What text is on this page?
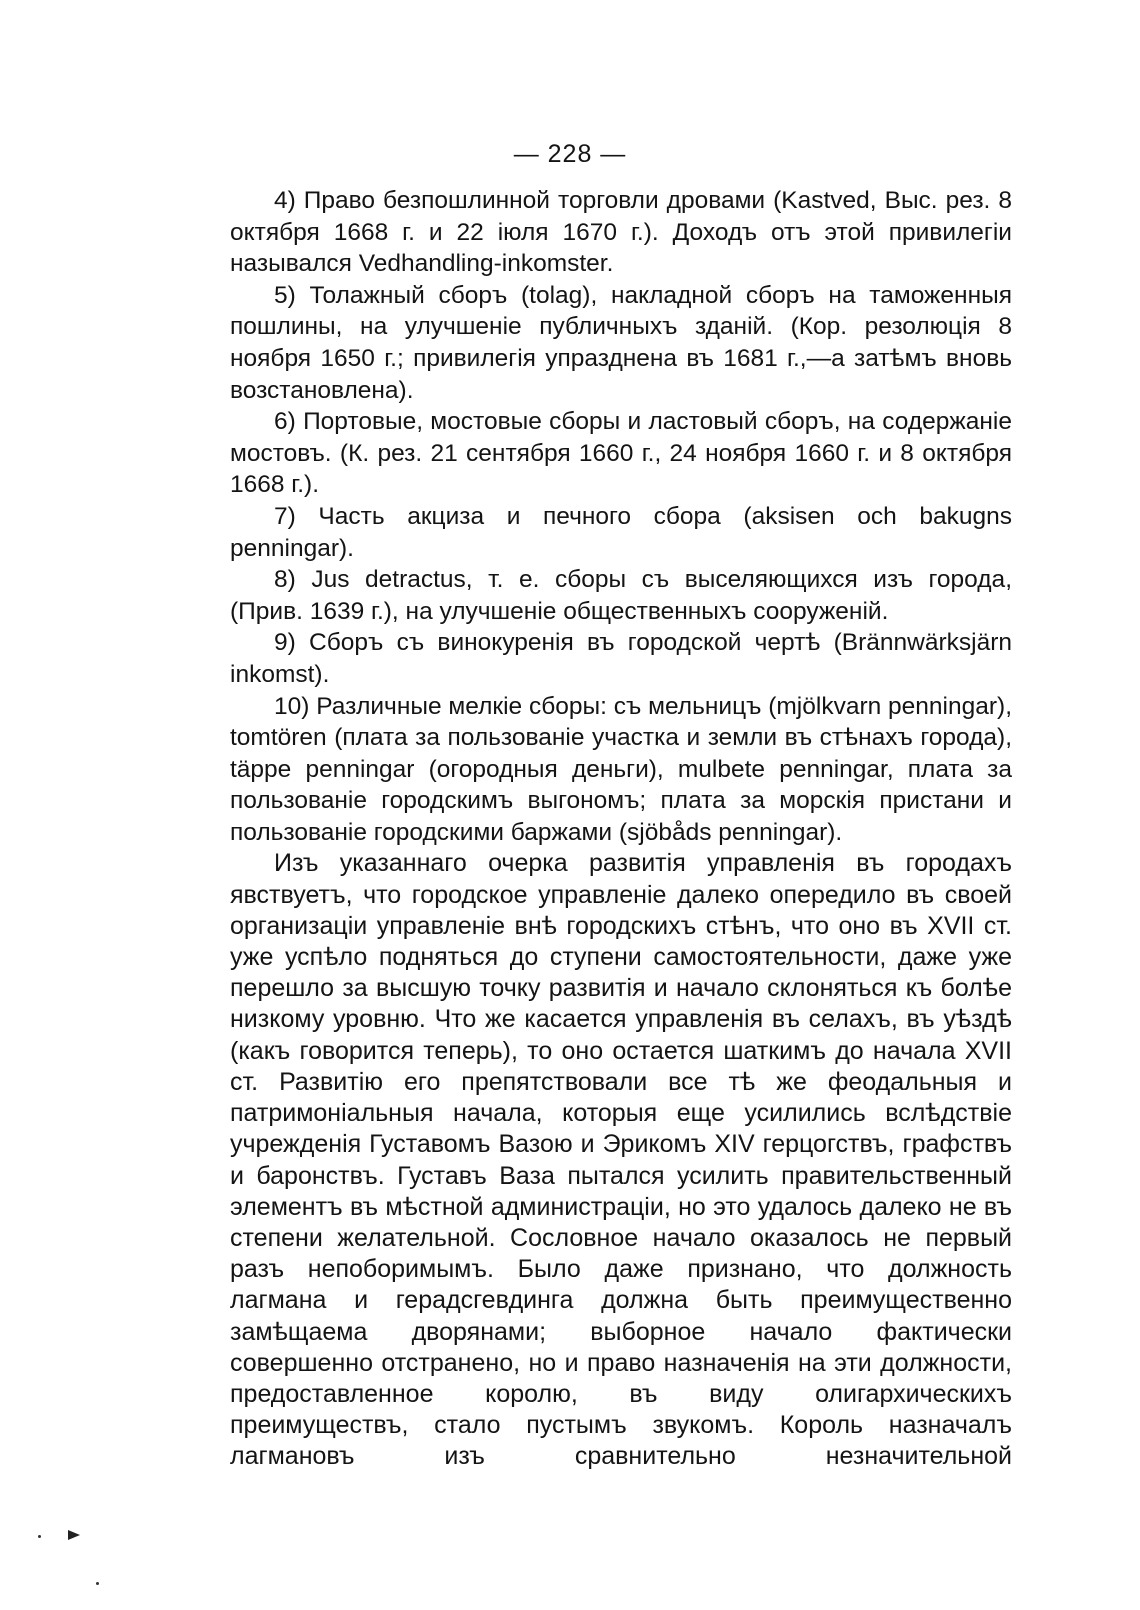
— 228 —

4) Право безпошлинной торговли дровами (Kastved, Выс. рез. 8 октября 1668 г. и 22 іюля 1670 г.). Доходъ отъ этой привилегіи назывался Vedhandling-inkomster.

5) Толажный сборъ (tolag), накладной сборъ на таможенныя пошлины, на улучшеніе публичныхъ зданій. (Кор. резолюція 8 ноября 1650 г.; привилегія упразднена въ 1681 г.,—а затѣмъ вновь возстановлена).

6) Портовые, мостовые сборы и ластовый сборъ, на содержаніе мостовъ. (К. рез. 21 сентября 1660 г., 24 ноября 1660 г. и 8 октября 1668 г.).

7) Часть акциза и печного сбора (aksisen och bakugns penningar).

8) Jus detractus, т. е. сборы съ выселяющихся изъ города, (Прив. 1639 г.), на улучшеніе общественныхъ сооруженій.

9) Сборъ съ винокуренія въ городской чертѣ (Brännwärksjärn inkomst).

10) Различные мелкіе сборы: съ мельницъ (mjölkvarn penningar), tomtören (плата за пользованіе участка и земли въ стѣнахъ города), täppe penningar (огородныя деньги), mulbete penningar, плата за пользованіе городскимъ выгономъ; плата за морскія пристани и пользованіе городскими баржами (sjöbåds penningar).

Изъ указаннаго очерка развитія управленія въ городахъ явствуетъ, что городское управленіе далеко опередило въ своей организаціи управленіе внѣ городскихъ стѣнъ, что оно въ XVII ст. уже успѣло подняться до ступени самостоятельности, даже уже перешло за высшую точку развитія и начало склоняться къ болѣе низкому уровню. Что же касается управленія въ селахъ, въ уѣздѣ (какъ говорится теперь), то оно остается шаткимъ до начала XVII ст. Развитію его препятствовали все тѣ же феодальныя и патримоніальныя начала, которыя еще усилились вслѣдствіе учрежденія Густавомъ Вазою и Эрикомъ XIV герцогствъ, графствъ и баронствъ. Густавъ Ваза пытался усилить правительственный элементъ въ мѣстной администраціи, но это удалось далеко не въ степени желательной. Сословное начало оказалось не первый разъ непоборимымъ. Было даже признано, что должность лагмана и герадсгевдинга должна быть преимущественно замѣщаема дворянами; выборное начало фактически совершенно отстранено, но и право назначенія на эти должности, предоставленное королю, въ виду олигархическихъ преимуществъ, стало пустымъ звукомъ. Король назначалъ лагмановъ изъ сравнительно незначительной
